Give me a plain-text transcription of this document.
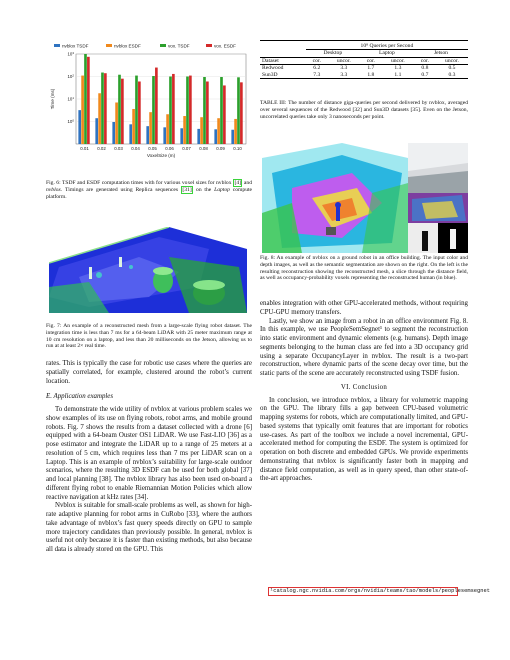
nvblox TSDF	nvblox ESDF	vox. TSDF	vox. ESDF
$10^0$
$10^1$
$10^2$
$10^3$
Time (ms)
0.01 0.02 0.03 0.04 0.05 0.06 0.07 0.08 0.09 0.10
VoxelSize (m)
Fig. 6: TSDF and ESDF computation times with for various voxel sizes for nvblox [4] and nvblox. Timings are generated using Replica sequences [31] on the Laptop compute platform.
Fig. 7: An example of a reconstructed mesh from a large-scale flying robot dataset. The integration time is less than 7 ms for a 64-beam LiDAR with 25 meter maximum range at 10 cm resolution on a laptop, and less than 20 milliseconds on the Jetson, allowing us to run at at least 2× real time.

rates. This is typically the case for robotic use cases where the queries are spatially correlated, for example, clustered around the robot’s current location.

E. Application examples

To demonstrate the wide utility of nvblox at various problem scales we show examples of its use on flying robots, robot arms, and mobile ground robots. Fig. 7 shows the results from a dataset collected with a drone [6] equipped with a 64-beam Ouster OS1 LiDAR. We use Fast-LIO [36] as a pose estimator and integrate the LiDAR up to a range of 25 meters at a resolution of 5 cm, which requires less than 7 ms per LiDAR scan on a Laptop. This is an example of nvblox’s suitability for large-scale outdoor scenarios, where the resulting 3D ESDF can be used for both global [37] and local planning [38]. The nvblox library has also been used on-board a different flying robot to enable Riemannian Motion Policies which allow reactive navigation at kHz rates [34].

Nvblox is suitable for small-scale problems as well, as shown for high-rate adaptive planning for robot arms in CuRobo [33], where the authors take advantage of nvblox’s fast query speeds directly on GPU to sample more trajectory candidates than previously possible. In general, nvblox is useful not only because it is faster than existing methods, but also because all data is already stored on the GPU. This

	10⁸ Queries per Second					
	Desktop		Laptop		Jetson	
Dataset	cor.	uncor.	cor.	uncor.	cor.	uncor.
Redwood	6.2	3.3	1.7	1.3	0.8	0.5
Sun3D	7.3	3.3	1.8	1.1	0.7	0.3
TABLE III: The number of distance giga-queries per second delivered by nvblox, averaged over several sequences of the Redwood [32] and Sun3D datasets [35]. Even on the Jetson, uncorrelated queries take only 3 nanoseconds per point.
Fig. 8: An example of nvblox on a ground robot in an office building. The input color and depth images, as well as the semantic segmentation are shown on the right. On the left is the resulting reconstruction showing the reconstructed mesh, a slice through the distance field, as well as occupancy-probability voxels representing the reconstructed human (in blue).

enables integration with other GPU-accelerated methods, without requiring CPU-GPU memory transfers.

Lastly, we show an image from a robot in an office environment Fig. 8. In this example, we use PeopleSemSegnet¹ to segment the reconstruction into static environment and dynamic elements (e.g. humans). Depth image segments belonging to the human class are fed into a 3D occupancy grid using a separate OccupancyLayer in nvblox. The result is a two-part reconstruction, where dynamic parts of the scene decay over time, but the static parts of the scene are accurately reconstructed using TSDF fusion.

VI. Conclusion

In conclusion, we introduce nvblox, a library for volumetric mapping on the GPU. The library fills a gap between CPU-based volumetric mapping systems for robots, which are computationally limited, and GPU-based systems that typically omit features that are important for robotics use-cases. As part of the toolbox we include a novel incremental, GPU-accelerated method for computing the ESDF. The system is optimized for operation on both discrete and embedded GPUs. We provide experiments demonstrating that nvblox is significantly faster both in mapping and distance field computation, as well as in query speed, than other state-of-the-art approaches.

¹catalog.ngc.nvidia.com/orgs/nvidia/teams/tao/models/peoplesemsegnet
